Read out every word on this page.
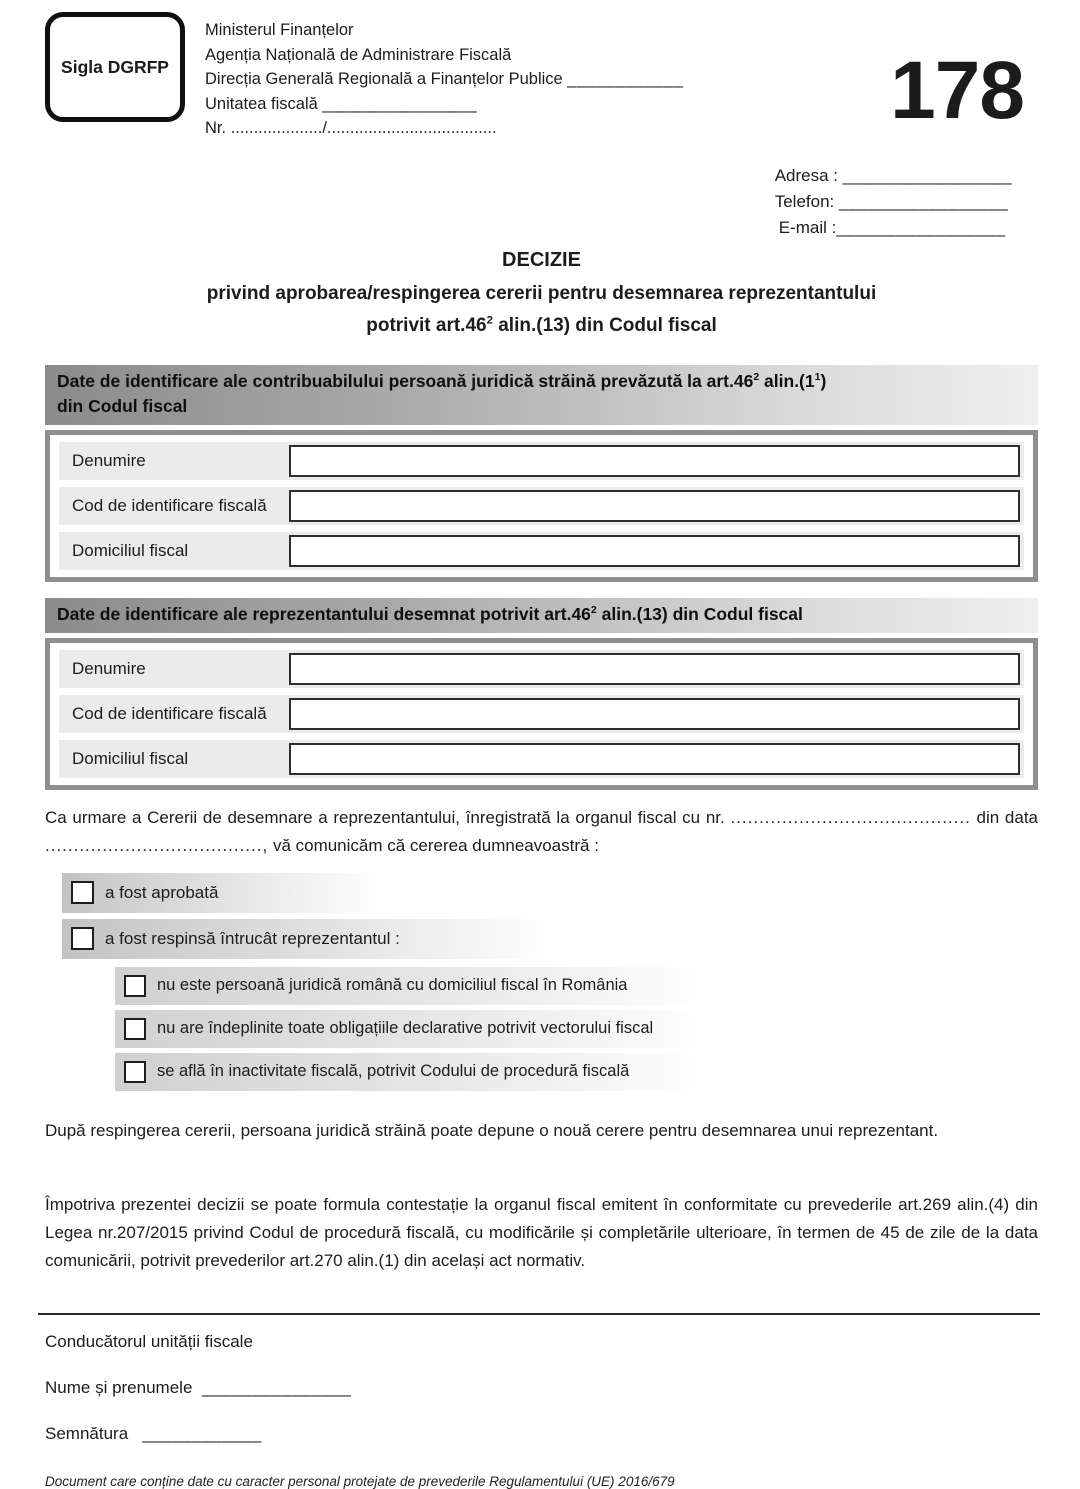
Sigla DGRFP
Ministerul Finanțelor
Agenția Națională de Administrare Fiscală
Direcția Generală Regională a Finanțelor Publice ____________
Unitatea fiscală ________________
Nr. ..................../.....................................	178
Adresa : _________________
Telefon: _________________
E-mail :_________________
DECIZIE
privind aprobarea/respingerea cererii pentru desemnarea reprezentantului
potrivit $art.46^2$ alin.(13) din Codul fiscal
Date de identificare ale contribuabilului persoană juridică străină prevăzută la $art.46^2$ $alin.(1^1)$
din Codul fiscal
Denumire
Cod de identificare fiscală
Domiciliul fiscal
Date de identificare ale reprezentantului desemnat potrivit $art.46^2$ alin.(13) din Codul fiscal
Denumire
Cod de identificare fiscală
Domiciliul fiscal
Ca urmare a Cererii de desemnare a reprezentantului, înregistrată la organul fiscal cu nr. .......................................... din data ......................................, vă comunicăm că cererea dumneavoastră :
a fost aprobată
a fost respinsă întrucât reprezentantul :
nu este persoană juridică română cu domiciliul fiscal în România
nu are îndeplinite toate obligațiile declarative potrivit vectorului fiscal
se află în inactivitate fiscală, potrivit Codului de procedură fiscală
După respingerea cererii, persoana juridică străină poate depune o nouă cerere pentru desemnarea unui reprezentant.
Împotriva prezentei decizii se poate formula contestație la organul fiscal emitent în conformitate cu prevederile art.269 alin.(4) din Legea nr.207/2015 privind Codul de procedură fiscală, cu modificările și completările ulterioare, în termen de 45 de zile de la data comunicării, potrivit prevederilor art.270 alin.(1) din același act normativ.
Conducătorul unității fiscale
Nume și prenumele _______________
Semnătura ____________
Document care conține date cu caracter personal protejate de prevederile Regulamentului (UE) 2016/679
